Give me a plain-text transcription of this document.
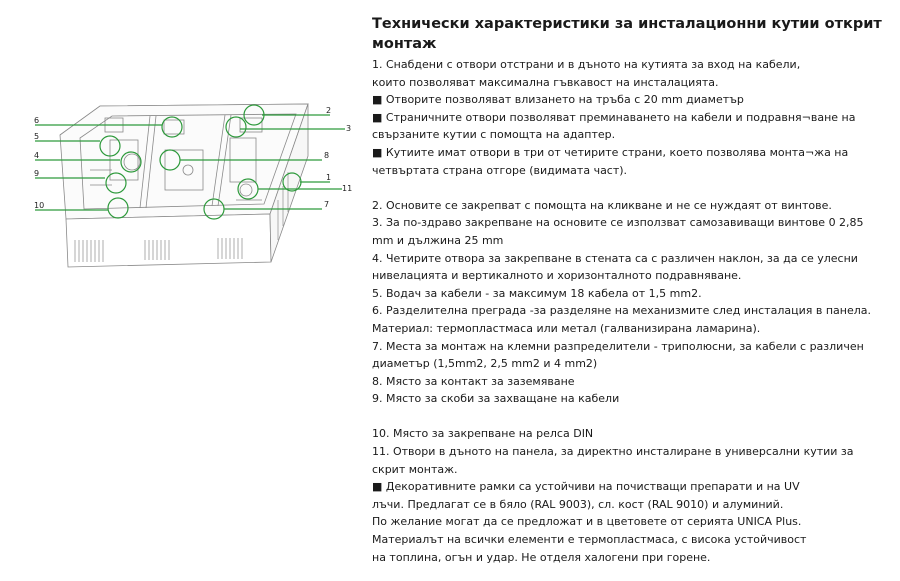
6
5
4
9
10
2
3
8
1
11
7
Технически характеристики за инсталационни кутии открит
монтаж
1. Снабдени с отвори отстрани и в дъното на кутията за вход на кабели,
които позволяват максимална гъвкавост на инсталацията.
■ Отворите позволяват влизането на тръба с 20 mm диаметър
■ Страничните отвори позволяват преминаването на кабели и подравня¬ване на
свързаните кутии с помощта на адаптер.
■ Кутиите имат отвори в три от четирите страни, което позволява монта¬жа на
четвъртата страна отгоре (видимата част).
2. Основите се закрепват с помощта на кликване и не се нуждаят от винтове.
3. За по-здраво закрепване на основите се използват самозавиващи винтове 0 2,85
mm и дължина 25 mm
4. Четирите отвора за закрепване в стената са с различен наклон, за да се улесни
нивелацията и вертикалното и хоризонталното подравняване.
5. Водач за кабели - за максимум 18 кабела от 1,5 mm2.
6. Разделителна преграда -за разделяне на механизмите след инсталация в панела.
Материал: термопластмаса или метал (галванизирана ламарина).
7. Места за монтаж на клемни разпределители - триполюсни, за кабели с различен
диаметър (1,5mm2, 2,5 mm2 и 4 mm2)
8. Място за контакт за заземяване
9. Място за скоби за захващане на кабели
10. Място за закрепване на релса DIN
11. Отвори в дъното на панела, за директно инсталиране в универсални кутии за
скрит монтаж.
■ Декоративните рамки са устойчиви на почистващи препарати и на UV
лъчи. Предлагат се в бяло (RAL 9003), сл. кост (RAL 9010) и алуминий.
По желание могат да се предложат и в цветовете от серията UNICA Plus.
Материалът на всички елементи е термопластмаса, с висока устойчивост
на топлина, огън и удар. Не отделя халогени при горене.
